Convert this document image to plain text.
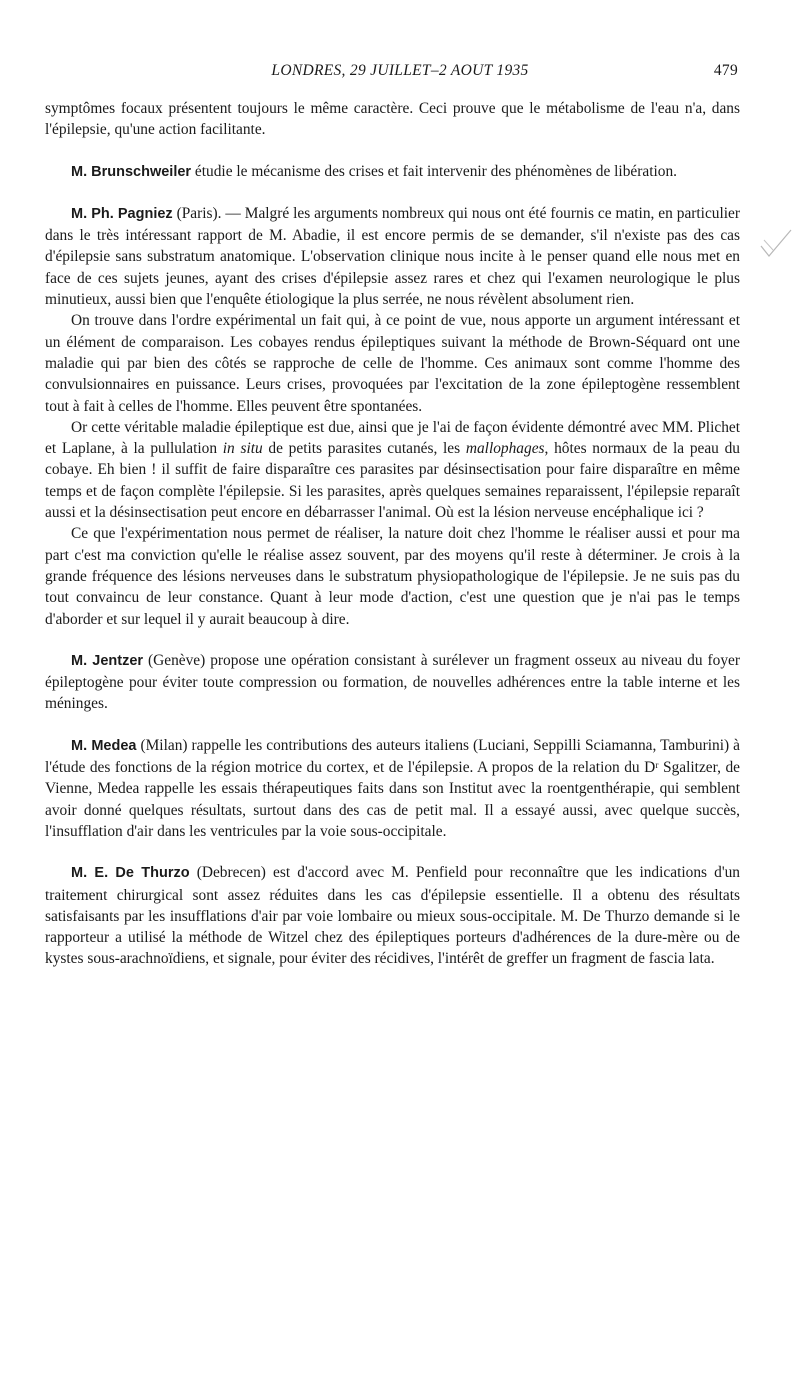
LONDRES, 29 JUILLET–2 AOUT 1935	479

symptômes focaux présentent toujours le même caractère. Ceci prouve que le métabolisme de l'eau n'a, dans l'épilepsie, qu'une action facilitante.

M. Brunschweiler étudie le mécanisme des crises et fait intervenir des phénomènes de libération.

M. Ph. Pagniez (Paris). — Malgré les arguments nombreux qui nous ont été fournis ce matin, en particulier dans le très intéressant rapport de M. Abadie, il est encore permis de se demander, s'il n'existe pas des cas d'épilepsie sans substratum anatomique. L'observation clinique nous incite à le penser quand elle nous met en face de ces sujets jeunes, ayant des crises d'épilepsie assez rares et chez qui l'examen neurologique le plus minutieux, aussi bien que l'enquête étiologique la plus serrée, ne nous révèlent absolument rien.

On trouve dans l'ordre expérimental un fait qui, à ce point de vue, nous apporte un argument intéressant et un élément de comparaison. Les cobayes rendus épileptiques suivant la méthode de Brown-Séquard ont une maladie qui par bien des côtés se rapproche de celle de l'homme. Ces animaux sont comme l'homme des convulsionnaires en puissance. Leurs crises, provoquées par l'excitation de la zone épileptogène ressemblent tout à fait à celles de l'homme. Elles peuvent être spontanées.

Or cette véritable maladie épileptique est due, ainsi que je l'ai de façon évidente démontré avec MM. Plichet et Laplane, à la pullulation in situ de petits parasites cutanés, les mallophages, hôtes normaux de la peau du cobaye. Eh bien ! il suffit de faire disparaître ces parasites par désinsectisation pour faire disparaître en même temps et de façon complète l'épilepsie. Si les parasites, après quelques semaines reparaissent, l'épilepsie reparaît aussi et la désinsectisation peut encore en débarrasser l'animal. Où est la lésion nerveuse encéphalique ici ?

Ce que l'expérimentation nous permet de réaliser, la nature doit chez l'homme le réaliser aussi et pour ma part c'est ma conviction qu'elle le réalise assez souvent, par des moyens qu'il reste à déterminer. Je crois à la grande fréquence des lésions nerveuses dans le substratum physiopathologique de l'épilepsie. Je ne suis pas du tout convaincu de leur constance. Quant à leur mode d'action, c'est une question que je n'ai pas le temps d'aborder et sur lequel il y aurait beaucoup à dire.

M. Jentzer (Genève) propose une opération consistant à surélever un fragment osseux au niveau du foyer épileptogène pour éviter toute compression ou formation, de nouvelles adhérences entre la table interne et les méninges.

M. Medea (Milan) rappelle les contributions des auteurs italiens (Luciani, Seppilli Sciamanna, Tamburini) à l'étude des fonctions de la région motrice du cortex, et de l'épilepsie. A propos de la relation du Dʳ Sgalitzer, de Vienne, Medea rappelle les essais thérapeutiques faits dans son Institut avec la roentgenthérapie, qui semblent avoir donné quelques résultats, surtout dans des cas de petit mal. Il a essayé aussi, avec quelque succès, l'insufflation d'air dans les ventricules par la voie sous-occipitale.

M. E. De Thurzo (Debrecen) est d'accord avec M. Penfield pour reconnaître que les indications d'un traitement chirurgical sont assez réduites dans les cas d'épilepsie essentielle. Il a obtenu des résultats satisfaisants par les insufflations d'air par voie lombaire ou mieux sous-occipitale. M. De Thurzo demande si le rapporteur a utilisé la méthode de Witzel chez des épileptiques porteurs d'adhérences de la dure-mère ou de kystes sous-arachnoïdiens, et signale, pour éviter des récidives, l'intérêt de greffer un fragment de fascia lata.
